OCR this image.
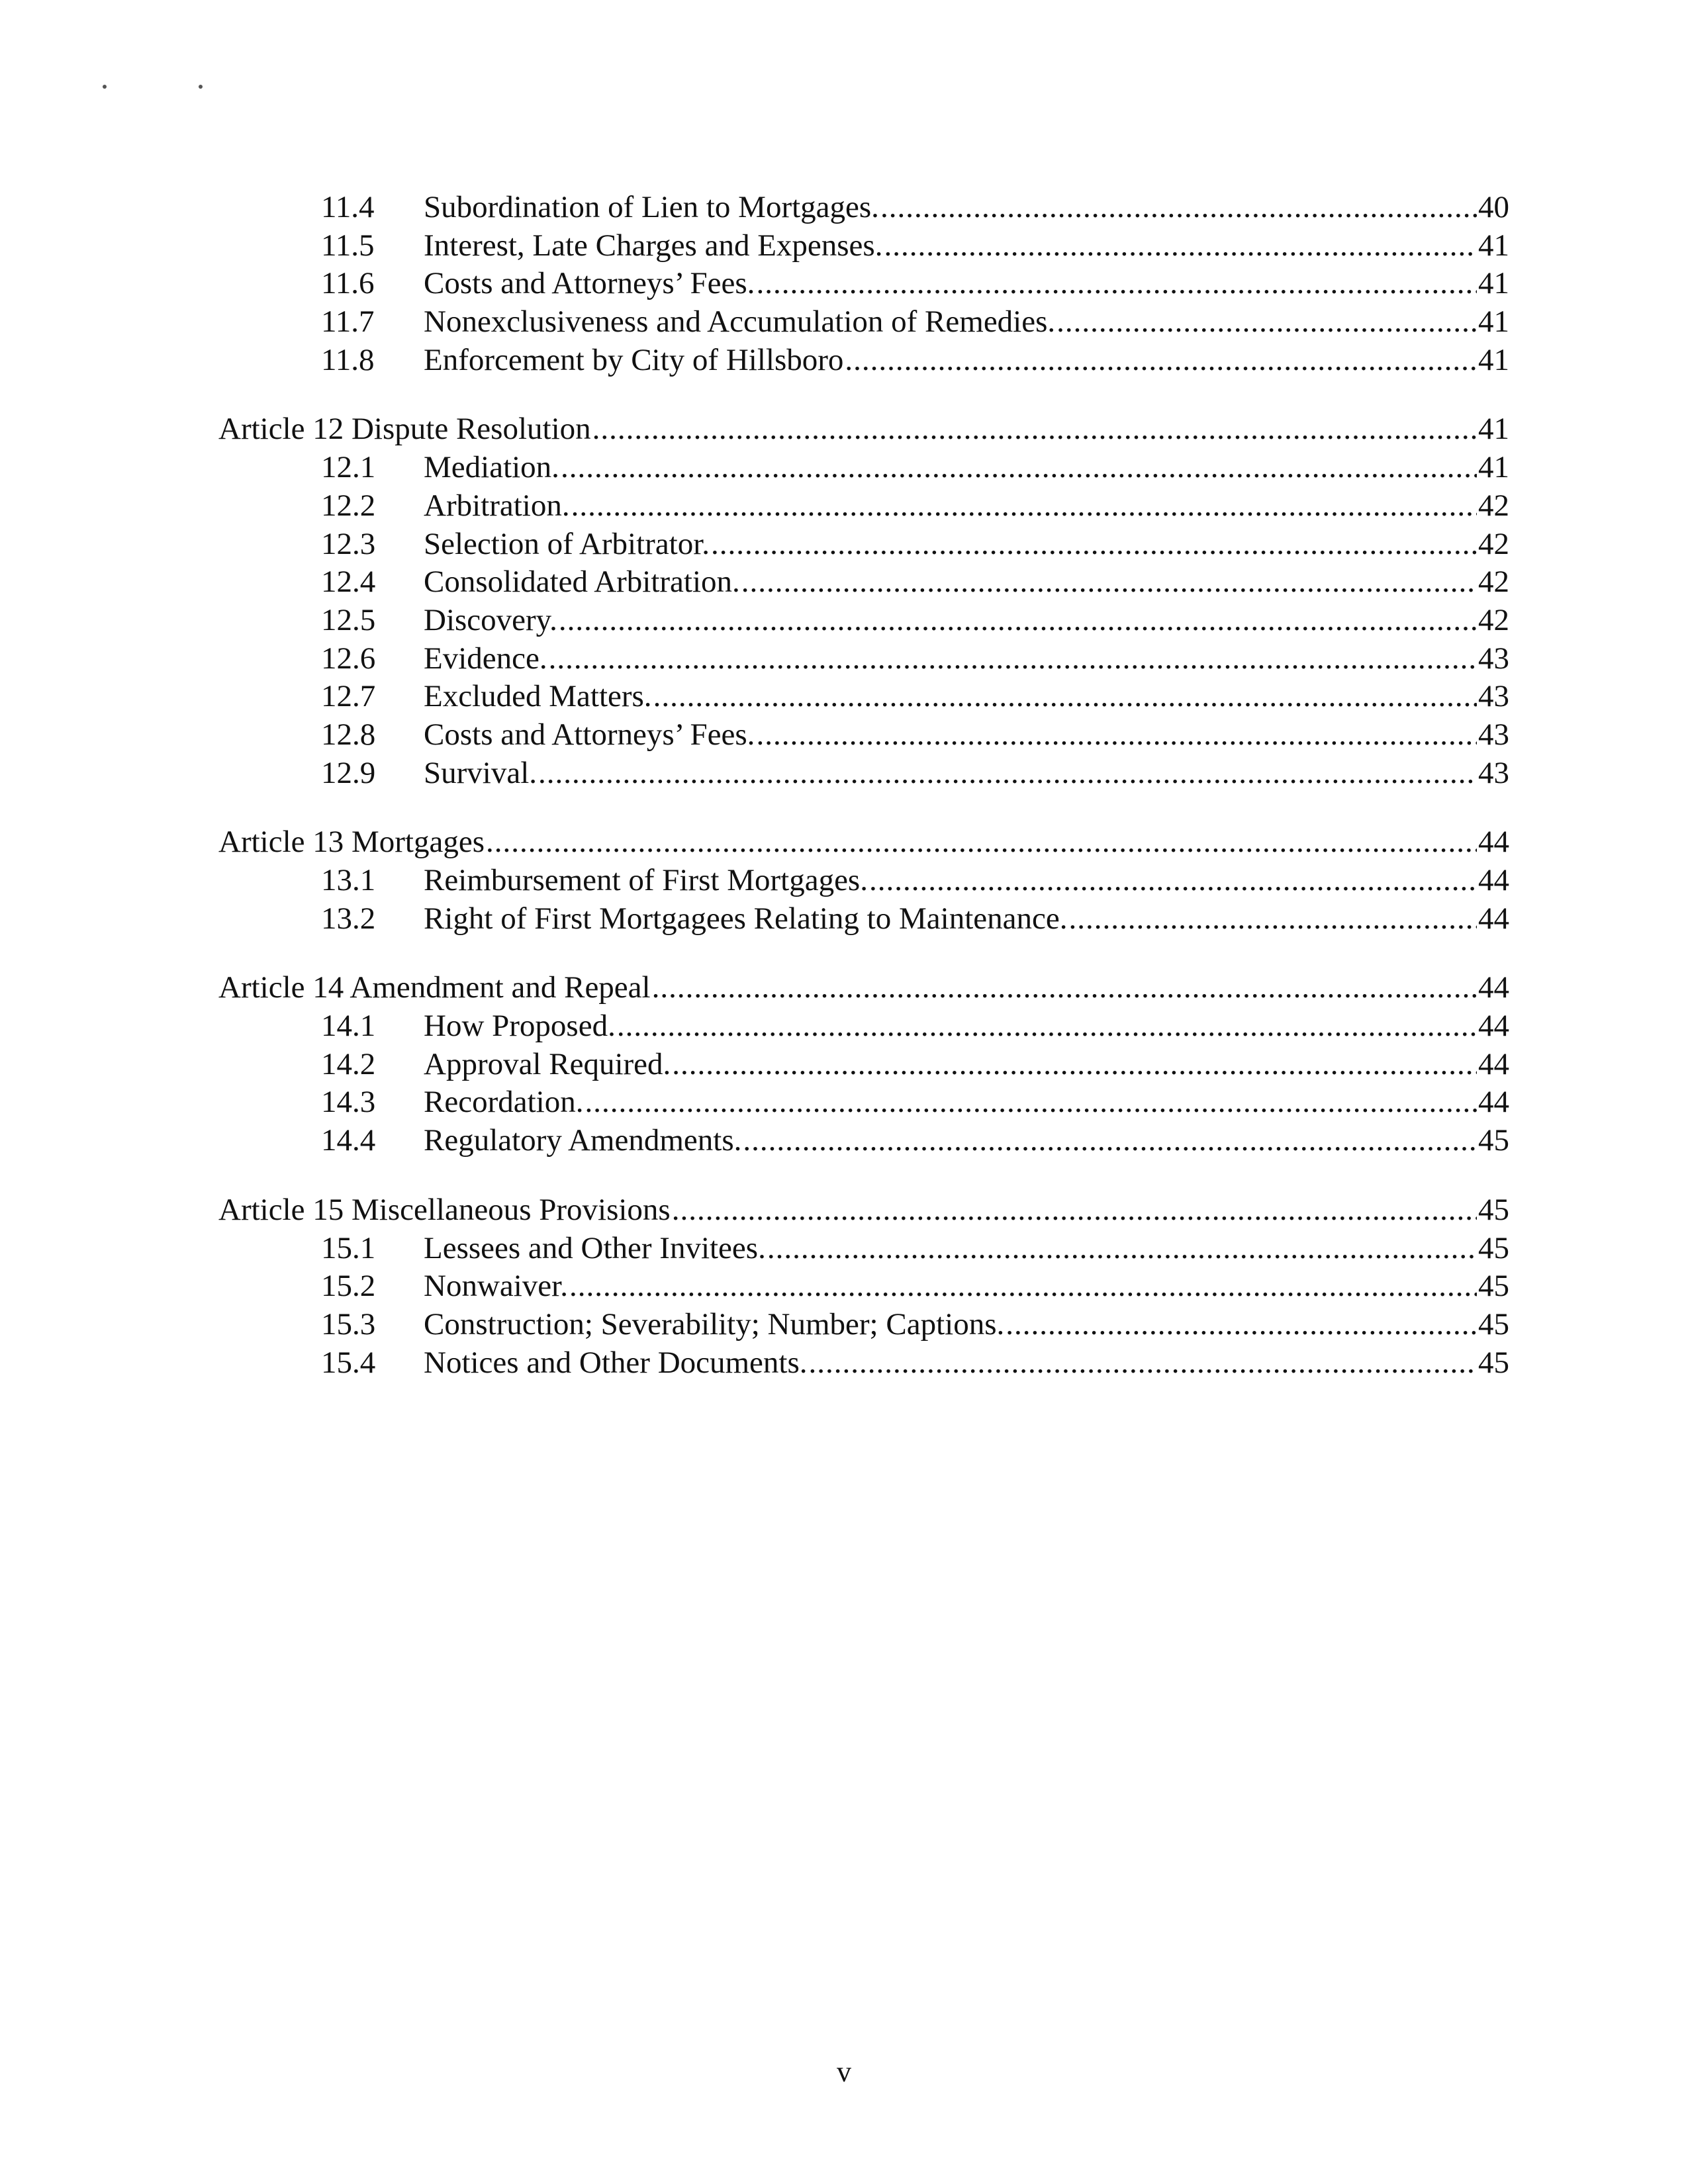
11.4	Subordination of Lien to Mortgages. .....	40
11.5	Interest, Late Charges and Expenses. .....	41
11.6	Costs and Attorneys’ Fees. .....	41
11.7	Nonexclusiveness and Accumulation of Remedies. .....	41
11.8	Enforcement by City of Hillsboro .....	41
Article 12 Dispute Resolution .....	41
12.1	Mediation. .....	41
12.2	Arbitration. .....	42
12.3	Selection of Arbitrator. .....	42
12.4	Consolidated Arbitration. .....	42
12.5	Discovery. .....	42
12.6	Evidence. .....	43
12.7	Excluded Matters. .....	43
12.8	Costs and Attorneys’ Fees. .....	43
12.9	Survival. .....	43
Article 13 Mortgages .....	44
13.1	Reimbursement of First Mortgages. .....	44
13.2	Right of First Mortgagees Relating to Maintenance. .....	44
Article 14 Amendment and Repeal .....	44
14.1	How Proposed. .....	44
14.2	Approval Required. .....	44
14.3	Recordation. .....	44
14.4	Regulatory Amendments. .....	45
Article 15 Miscellaneous Provisions .....	45
15.1	Lessees and Other Invitees. .....	45
15.2	Nonwaiver. .....	45
15.3	Construction; Severability; Number; Captions. .....	45
15.4	Notices and Other Documents. .....	45
v
